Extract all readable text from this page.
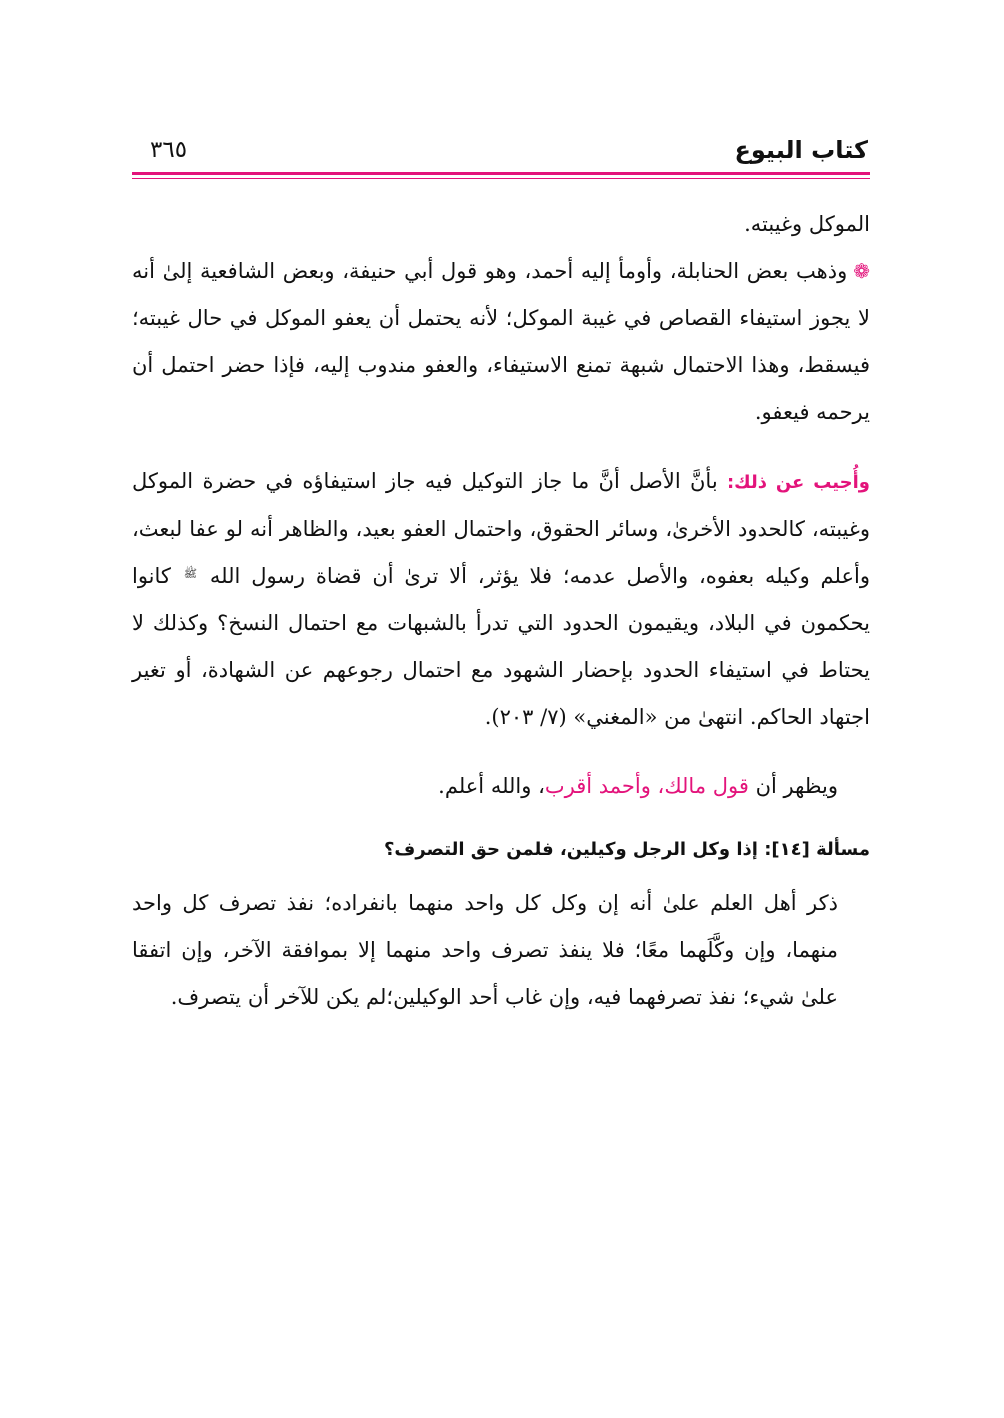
كتاب البيوع
٣٦٥

الموكل وغيبته.

❁وذهب بعض الحنابلة، وأومأ إليه أحمد، وهو قول أبي حنيفة، وبعض الشافعية إلىٰ أنه لا يجوز استيفاء القصاص في غيبة الموكل؛ لأنه يحتمل أن يعفو الموكل في حال غيبته؛ فيسقط، وهذا الاحتمال شبهة تمنع الاستيفاء، والعفو مندوب إليه، فإذا حضر احتمل أن يرحمه فيعفو.

وأُجيب عن ذلك: بأنَّ الأصل أنَّ ما جاز التوكيل فيه جاز استيفاؤه في حضرة الموكل وغيبته، كالحدود الأخرىٰ، وسائر الحقوق، واحتمال العفو بعيد، والظاهر أنه لو عفا لبعث، وأعلم وكيله بعفوه، والأصل عدمه؛ فلا يؤثر، ألا ترىٰ أن قضاة رسول الله ﷺ كانوا يحكمون في البلاد، ويقيمون الحدود التي تدرأ بالشبهات مع احتمال النسخ؟ وكذلك لا يحتاط في استيفاء الحدود بإحضار الشهود مع احتمال رجوعهم عن الشهادة، أو تغير اجتهاد الحاكم. انتهىٰ من «المغني» (٧/ ٢٠٣).

ويظهر أن قول مالك، وأحمد أقرب، والله أعلم.

مسألة [١٤]: إذا وكل الرجل وكيلين، فلمن حق التصرف؟

ذكر أهل العلم علىٰ أنه إن وكل كل واحد منهما بانفراده؛ نفذ تصرف كل واحد منهما، وإن وكَّلَهما معًا؛ فلا ينفذ تصرف واحد منهما إلا بموافقة الآخر، وإن اتفقا علىٰ شيء؛ نفذ تصرفهما فيه، وإن غاب أحد الوكيلين؛لم يكن للآخر أن يتصرف.
